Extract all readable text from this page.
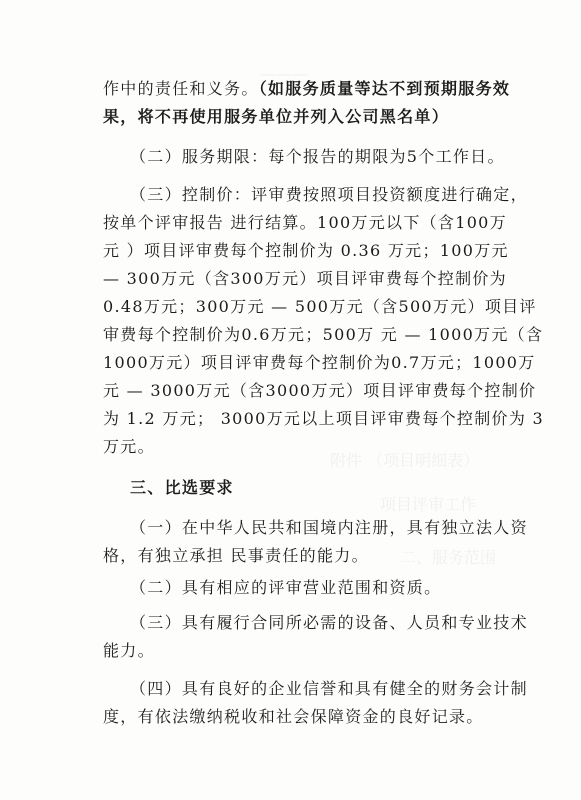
———
附件 （项目明细表）
项目评审工作
二、服务范围
作中的责任和义务。（如服务质量等达不到预期服务效
果，将不再使用服务单位并列入公司黑名单）
（二）服务期限：每个报告的期限为5个工作日。
（三）控制价：评审费按照项目投资额度进行确定，
按单个评审报告 进行结算。100万元以下（含100万
元 ）项目评审费每个控制价为 0.36 万元；100万元
— 300万元（含300万元）项目评审费每个控制价为
0.48万元；300万元 — 500万元（含500万元）项目评
审费每个控制价为0.6万元；500万 元 — 1000万元（含
1000万元）项目评审费每个控制价为0.7万元；1000万
元 — 3000万元（含3000万元）项目评审费每个控制价
为 1.2 万元； 3000万元以上项目评审费每个控制价为 3
万元。
三、比选要求
（一）在中华人民共和国境内注册，具有独立法人资
格，有独立承担 民事责任的能力。
（二）具有相应的评审营业范围和资质。
（三）具有履行合同所必需的设备、人员和专业技术
能力。
（四）具有良好的企业信誉和具有健全的财务会计制
度，有依法缴纳税收和社会保障资金的良好记录。
